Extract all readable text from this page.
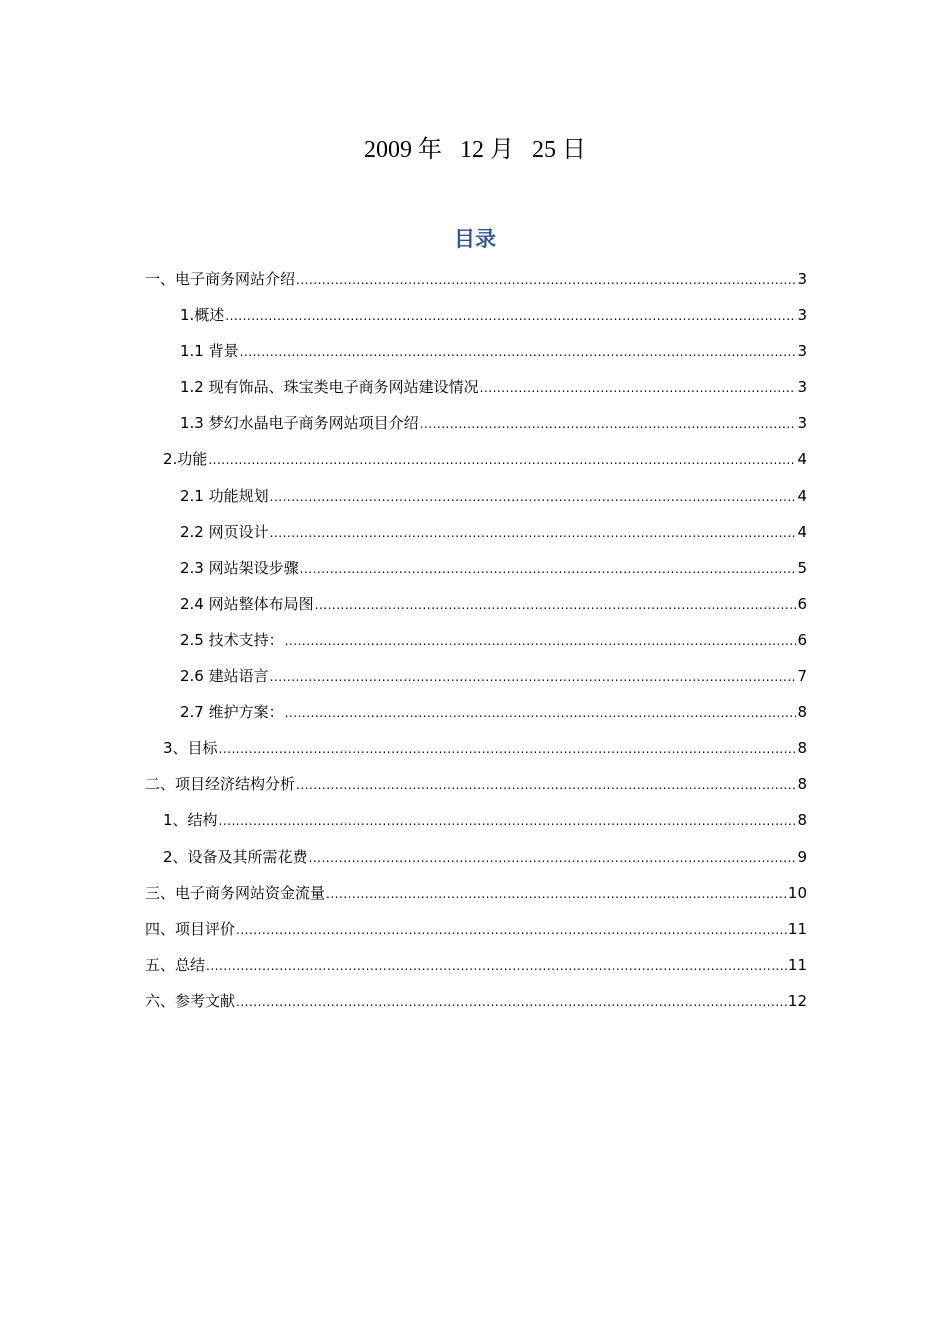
2009 年   12 月   25 日
目录
一、电子商务网站介绍 .....	3
1.概述 .....	3
1.1 背景 .....	3
1.2 现有饰品、珠宝类电子商务网站建设情况 .....	3
1.3 梦幻水晶电子商务网站项目介绍 .....	3
2.功能 .....	4
2.1 功能规划 .....	4
2.2 网页设计 .....	4
2.3 网站架设步骤 .....	5
2.4 网站整体布局图 .....	6
2.5 技术支持： .....	6
2.6 建站语言 .....	7
2.7 维护方案： .....	8
3、目标 .....	8
二、项目经济结构分析 .....	8
1、结构 .....	8
2、设备及其所需花费 .....	9
三、电子商务网站资金流量 .....	10
四、项目评价 .....	11
五、总结 .....	11
六、参考文献 .....	12
